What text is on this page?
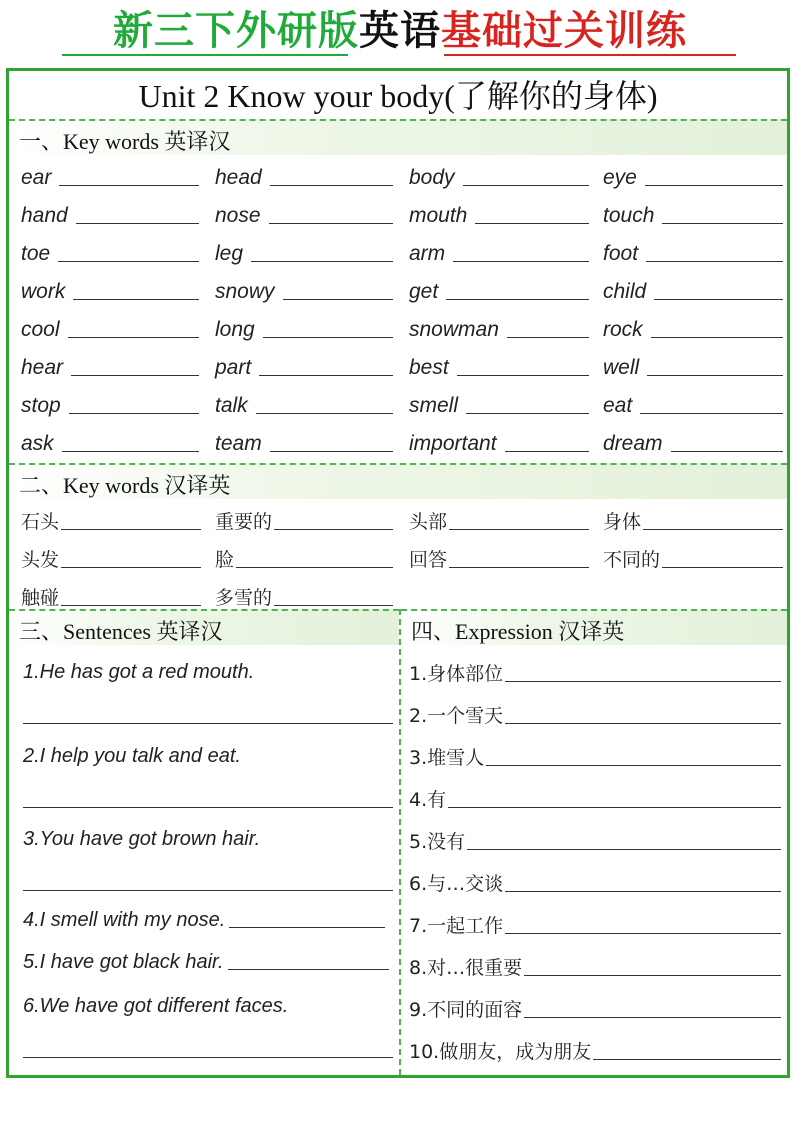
新三下外研版英语基础过关训练
Unit 2 Know your body(了解你的身体)
一、Key words 英译汉
ear	head	body	eye
hand	nose	mouth	touch
toe	leg	arm	foot
work	snowy	get	child
cool	long	snowman	rock
hear	part	best	well
stop	talk	smell	eat
ask	team	important	dream
二、Key words 汉译英
石头	重要的	头部	身体
头发	脸	回答	不同的
触碰	多雪的
三、Sentences 英译汉	四、Expression 汉译英
1.He has got a red mouth.
2.I help you talk and eat.
3.You have got brown hair.
4.I smell with my nose.
5.I have got black hair.
6.We have got different faces.
1.身体部位
2.一个雪天
3.堆雪人
4.有
5.没有
6.与…交谈
7.一起工作
8.对…很重要
9.不同的面容
10.做朋友，成为朋友
